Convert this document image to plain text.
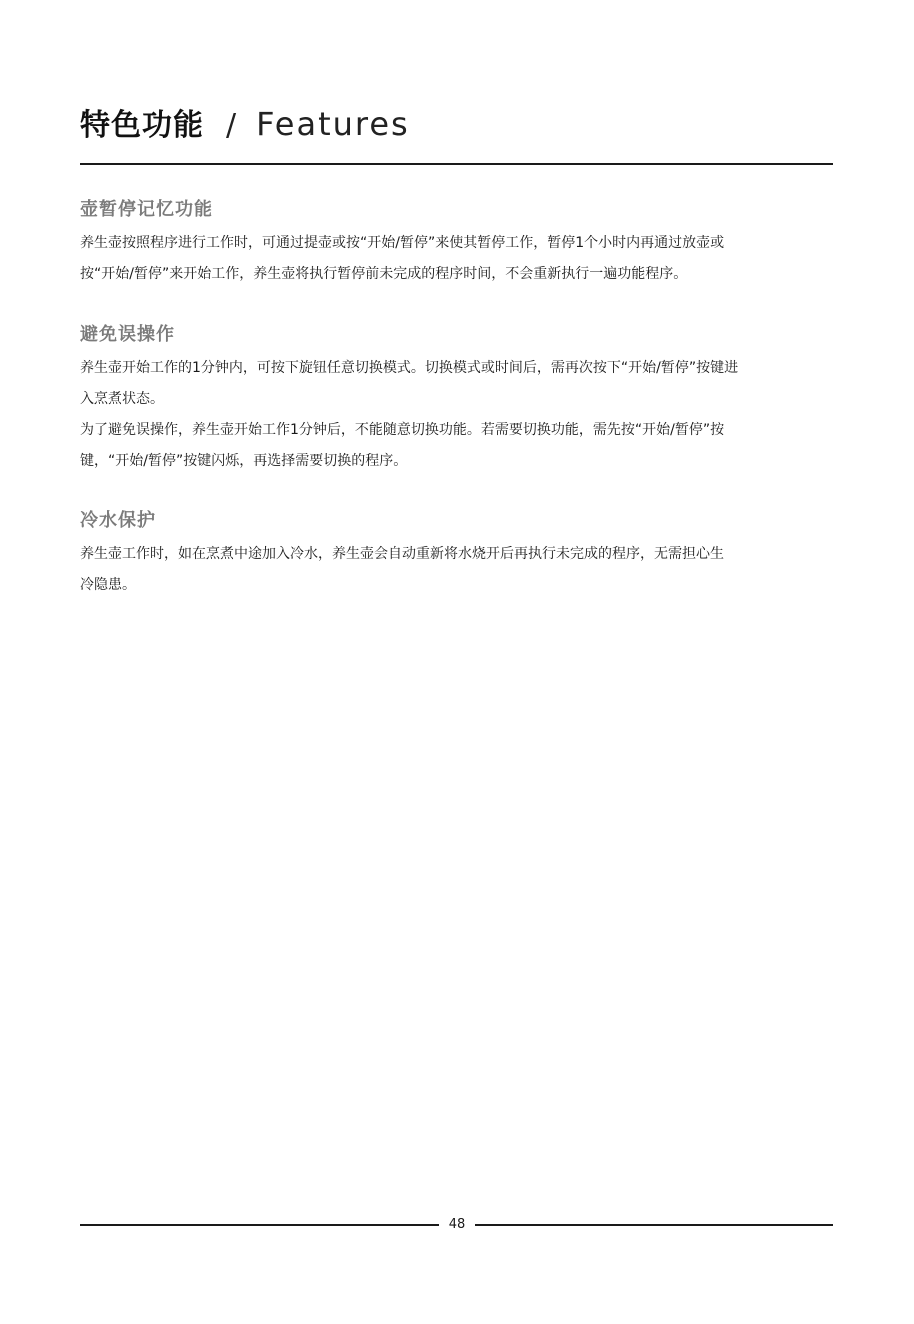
特色功能 / Features
壶暂停记忆功能

养生壶按照程序进行工作时，可通过提壶或按“开始/暂停”来使其暂停工作，暂停1个小时内再通过放壶或

按“开始/暂停”来开始工作，养生壶将执行暂停前未完成的程序时间，不会重新执行一遍功能程序。

避免误操作

养生壶开始工作的1分钟内，可按下旋钮任意切换模式。切换模式或时间后，需再次按下“开始/暂停”按键进

入烹煮状态。

为了避免误操作，养生壶开始工作1分钟后，不能随意切换功能。若需要切换功能，需先按“开始/暂停”按

键，“开始/暂停”按键闪烁，再选择需要切换的程序。

冷水保护

养生壶工作时，如在烹煮中途加入冷水，养生壶会自动重新将水烧开后再执行未完成的程序，无需担心生

冷隐患。

48
